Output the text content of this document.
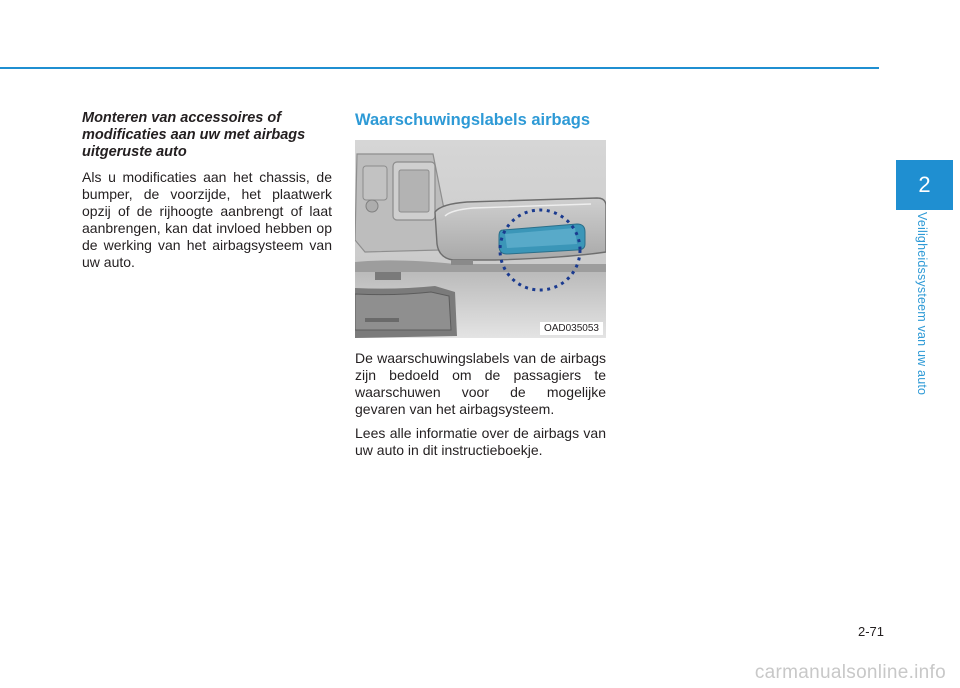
Monteren van accessoires of modificaties aan uw met airbags uitgeruste auto

Als u modificaties aan het chassis, de bumper, de voorzijde, het plaatwerk opzij of de rijhoogte aanbrengt of laat aanbrengen, kan dat invloed hebben op de werking van het airbagsysteem van uw auto.

Waarschuwingslabels airbags
OAD035053

De waarschuwingslabels van de airbags zijn bedoeld om de passagiers te waarschuwen voor de mogelijke gevaren van het airbagsysteem.

Lees alle informatie over de airbags van uw auto in dit instructieboekje.

2
Veiligheidssysteem van uw auto
2-71
carmanualsonline.info
